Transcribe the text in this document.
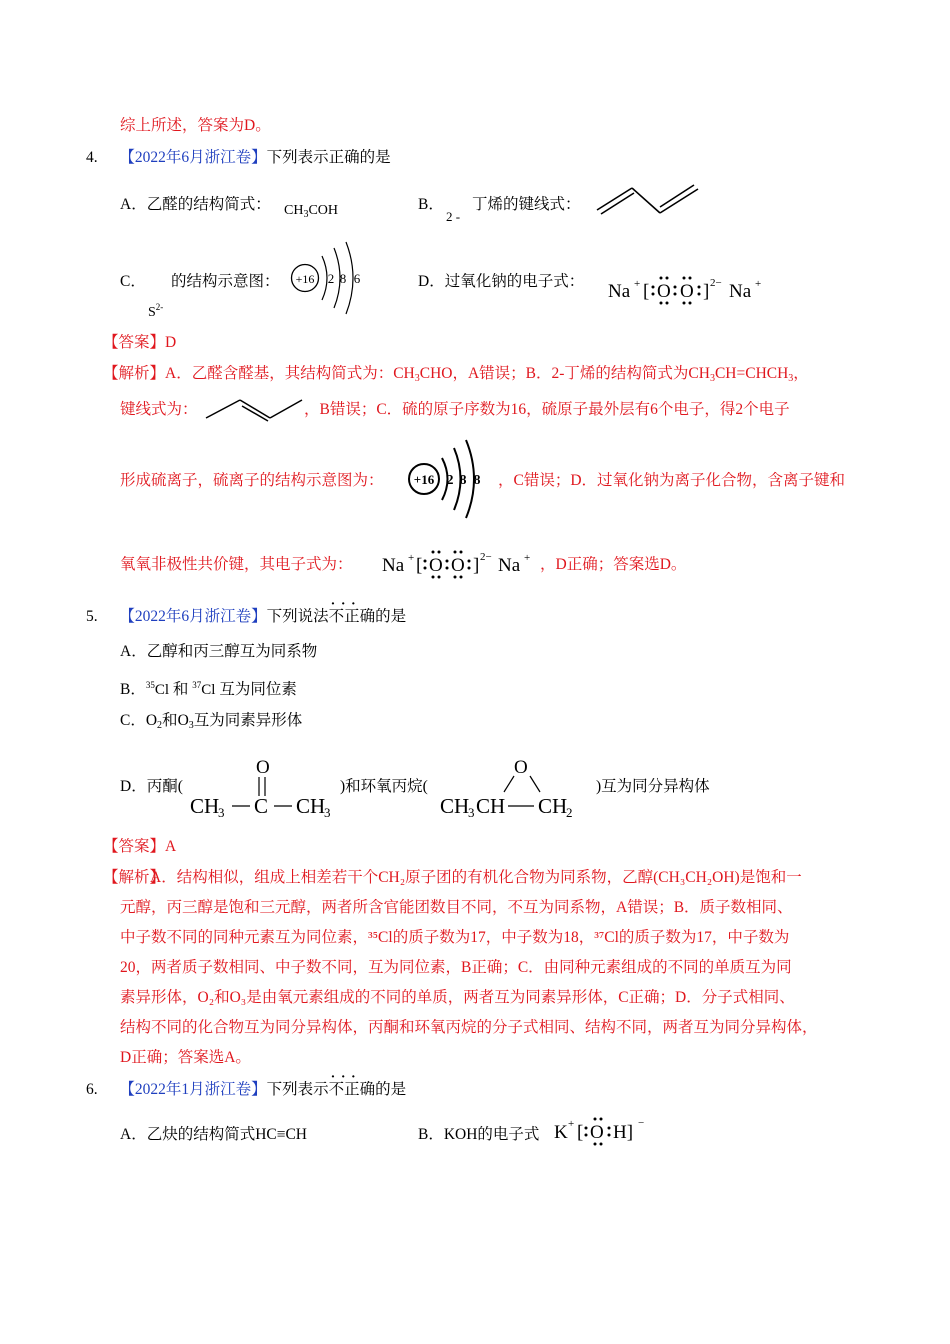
综上所述，答案为D。
4. 【2022年6月浙江卷】下列表示正确的是
A．乙醛的结构简式： $CH_3COH$	B．
2 -
丁烯的键线式：
C．
$S^{2-}$
的结构示意图： +16 2 8 6	D．过氧化钠的电子式： Na + [ O O ] 2− Na +
【答案】D
【解析】A．乙醛含醛基，其结构简式为：$CH_3CHO$，A错误；B．2-丁烯的结构简式为$CH_3CH=CHCH_3$，
键线式为：	，B错误；C．硫的原子序数为16，硫原子最外层有6个电子，得2个电子
形成硫离子，硫离子的结构示意图为： +16 2 8 8 ，C错误；D．过氧化钠为离子化合物，含离子键和
氧氧非极性共价键，其电子式为： Na + [ O O ] 2− Na + ，D正确；答案选D。
5. 【2022年6月浙江卷】下列说法· · · 不正确的是
A．乙醇和丙三醇互为同系物
B．$^{35}$Cl 和 $^{37}$Cl 互为同位素
C．$O_2$和$O_3$互为同素异形体
D．丙酮(
O
CH
3 C CH
3
)和环氧丙烷(
O
CH
3 CH CH
2
)互为同分异构体
【答案】A
【解析】
A．结构相似，组成上相差若干个CH₂原子团的有机化合物为同系物，乙醇(CH₃CH₂OH)是饱和一
元醇，丙三醇是饱和三元醇，两者所含官能团数目不同，不互为同系物，A错误；B．质子数相同、
中子数不同的同种元素互为同位素，³⁵Cl的质子数为17，中子数为18，³⁷Cl的质子数为17，中子数为
20，两者质子数相同、中子数不同，互为同位素，B正确；C．由同种元素组成的不同的单质互为同
素异形体，O₂和O₃是由氧元素组成的不同的单质，两者互为同素异形体，C正确；D．分子式相同、
结构不同的化合物互为同分异构体，丙酮和环氧丙烷的分子式相同、结构不同，两者互为同分异构体，
D正确；答案选A。
6. 【2022年1月浙江卷】下列表示· · · 不正确的是
A．乙炔的结构简式HC≡CH	B．KOH的电子式 K + [ O H] −
